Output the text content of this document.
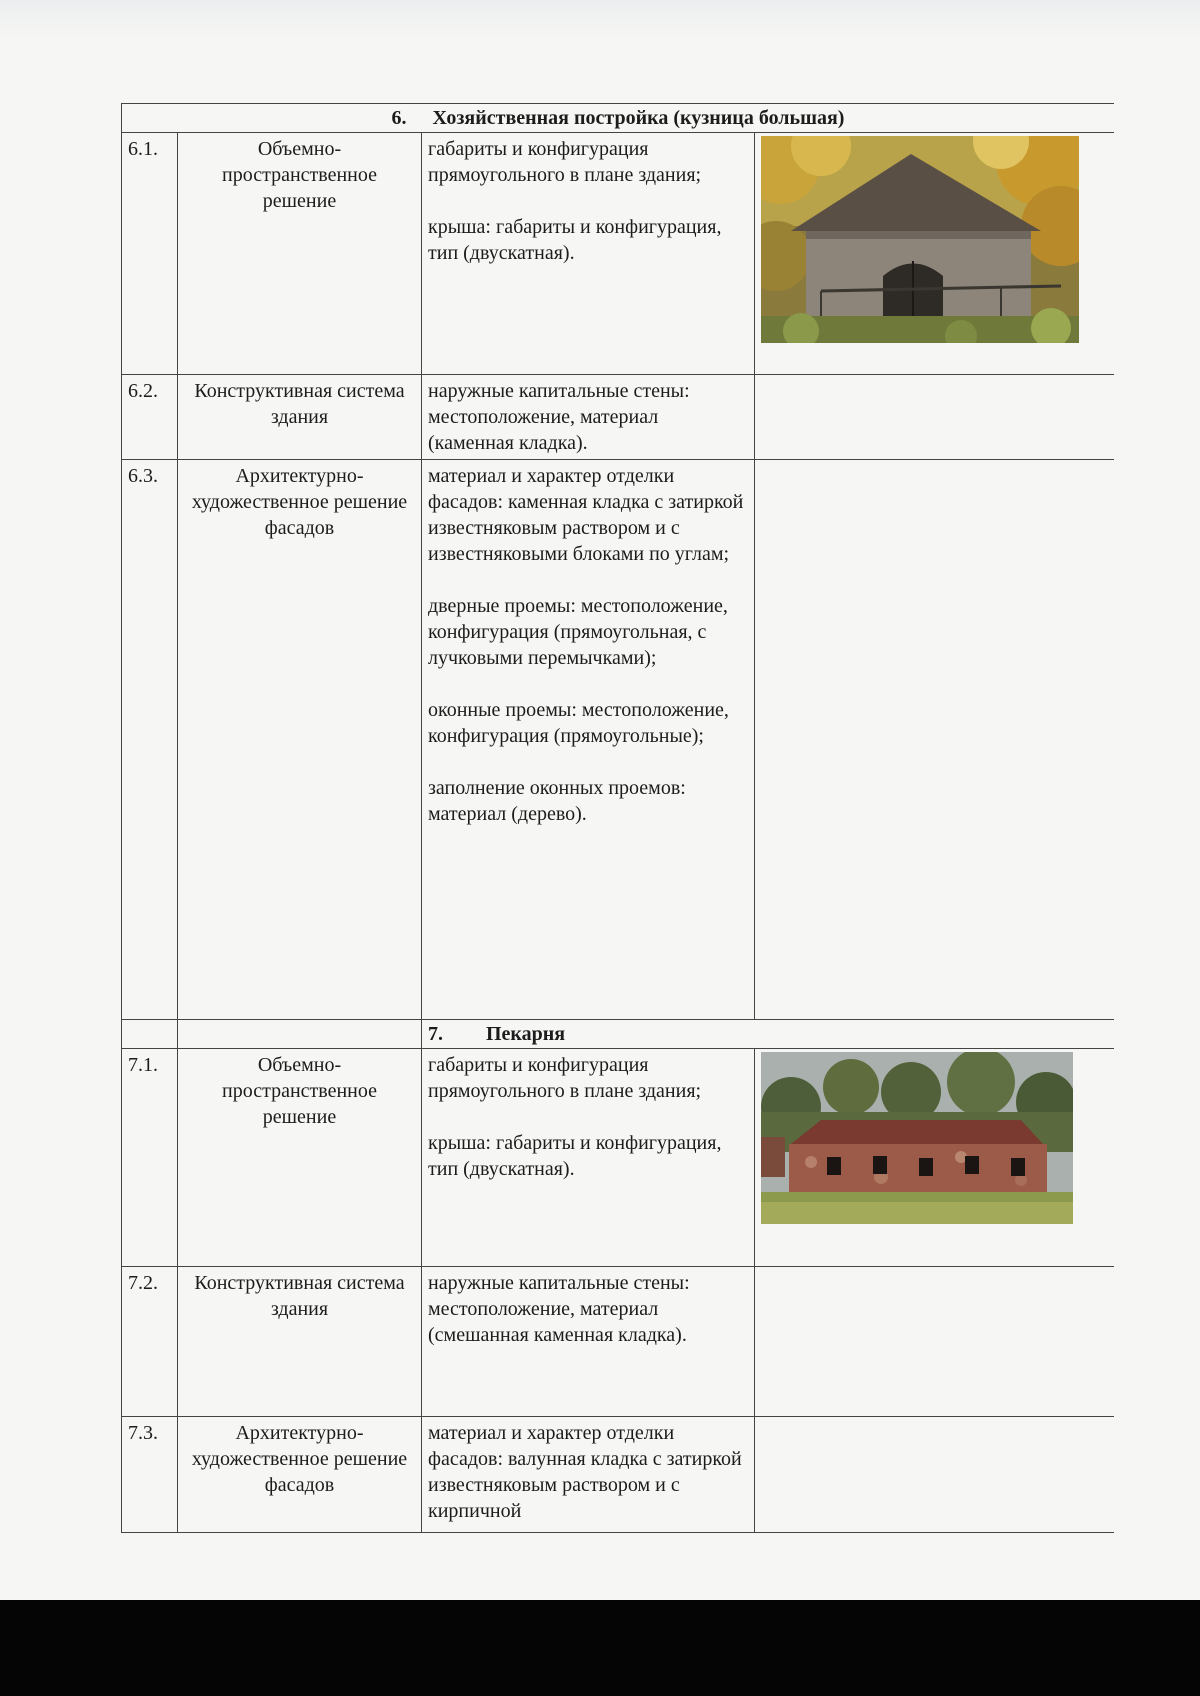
6. Хозяйственная постройка (кузница большая)			
6.1.	Объемно-пространственное решение	габариты и конфигурация прямоугольного в плане здания;
крыша: габариты и конфигурация, тип (двускатная).

6.2.	Конструктивная система здания	наружные капитальные стены: местоположение, материал (каменная кладка).	

6.3.	Архитектурно-художественное решение фасадов	материал и характер отделки фасадов: каменная кладка с затиркой известняковым раствором и с известняковыми блоками по углам;
дверные проемы: местоположение, конфигурация (прямоугольная, с лучковыми перемычками);
оконные проемы: местоположение, конфигурация (прямоугольные);
заполнение оконных проемов: материал (дерево).	

		7. Пекарня	
7.1.	Объемно-пространственное решение	габариты и конфигурация прямоугольного в плане здания;
крыша: габариты и конфигурация, тип (двускатная).

7.2.	Конструктивная система здания	наружные капитальные стены: местоположение, материал (смешанная каменная кладка).	

7.3.	Архитектурно-художественное решение фасадов	материал и характер отделки фасадов: валунная кладка с затиркой известняковым раствором и с кирпичной	
